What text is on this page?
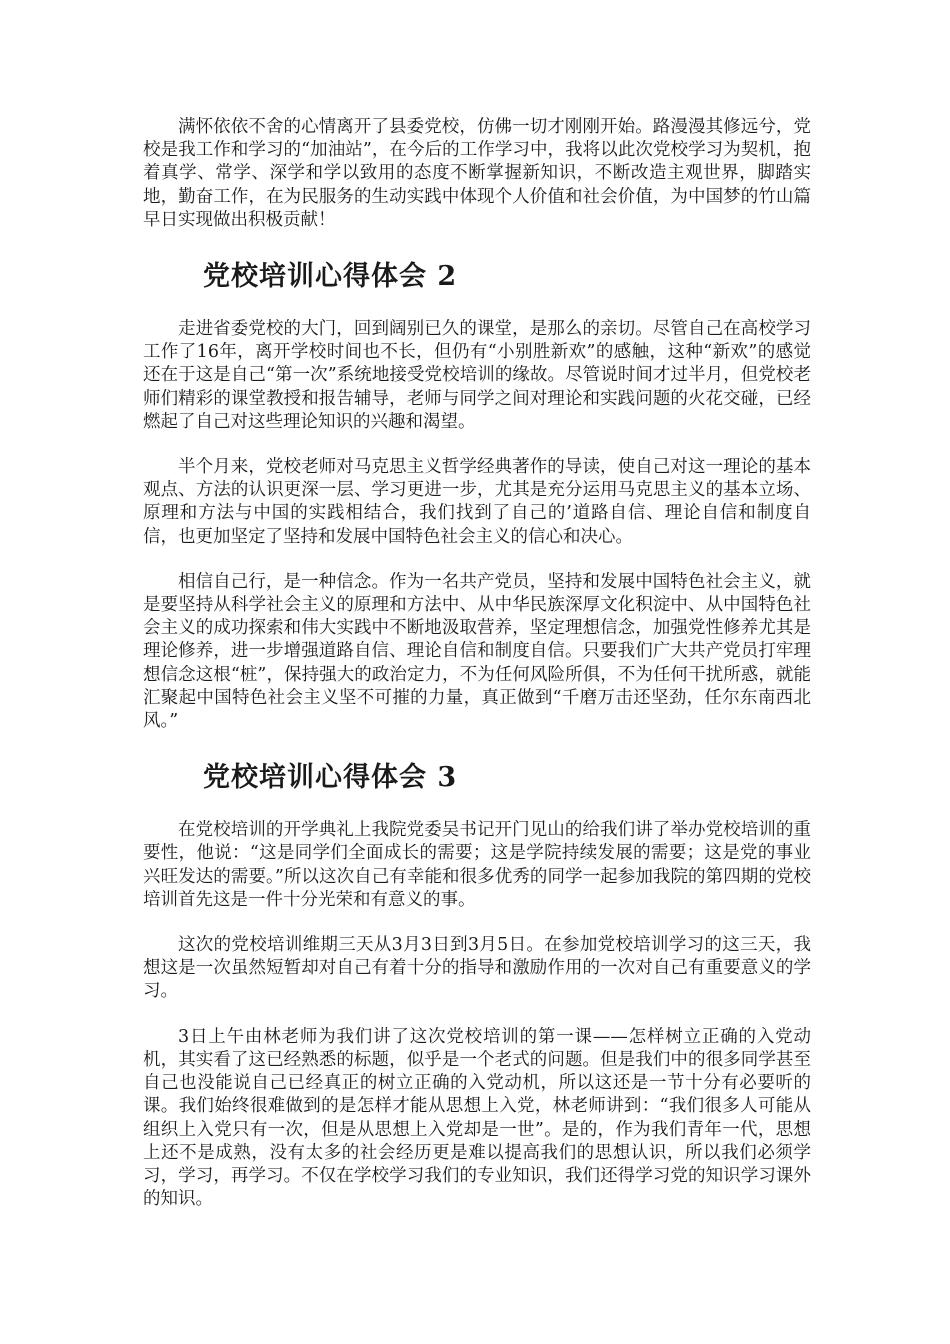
满怀依依不舍的心情离开了县委党校，仿佛一切才刚刚开始。路漫漫其修远兮，党校是我工作和学习的“加油站”，在今后的工作学习中，我将以此次党校学习为契机，抱着真学、常学、深学和学以致用的态度不断掌握新知识，不断改造主观世界，脚踏实地，勤奋工作，在为民服务的生动实践中体现个人价值和社会价值，为中国梦的竹山篇早日实现做出积极贡献！

党校培训心得体会 2

走进省委党校的大门，回到阔别已久的课堂，是那么的亲切。尽管自己在高校学习工作了16年，离开学校时间也不长，但仍有“小别胜新欢”的感触，这种“新欢”的感觉还在于这是自己“第一次”系统地接受党校培训的缘故。尽管说时间才过半月，但党校老师们精彩的课堂教授和报告辅导，老师与同学之间对理论和实践问题的火花交碰，已经燃起了自己对这些理论知识的兴趣和渴望。

半个月来，党校老师对马克思主义哲学经典著作的导读，使自己对这一理论的基本观点、方法的认识更深一层、学习更进一步，尤其是充分运用马克思主义的基本立场、原理和方法与中国的实践相结合，我们找到了自己的’道路自信、理论自信和制度自信，也更加坚定了坚持和发展中国特色社会主义的信心和决心。

相信自己行，是一种信念。作为一名共产党员，坚持和发展中国特色社会主义，就是要坚持从科学社会主义的原理和方法中、从中华民族深厚文化积淀中、从中国特色社会主义的成功探索和伟大实践中不断地汲取营养，坚定理想信念，加强党性修养尤其是理论修养，进一步增强道路自信、理论自信和制度自信。只要我们广大共产党员打牢理想信念这根“桩”，保持强大的政治定力，不为任何风险所俱，不为任何干扰所惑，就能汇聚起中国特色社会主义坚不可摧的力量，真正做到“千磨万击还坚劲，任尔东南西北风。”

党校培训心得体会 3

在党校培训的开学典礼上我院党委吴书记开门见山的给我们讲了举办党校培训的重要性，他说：“这是同学们全面成长的需要；这是学院持续发展的需要；这是党的事业兴旺发达的需要。”所以这次自己有幸能和很多优秀的同学一起参加我院的第四期的党校培训首先这是一件十分光荣和有意义的事。

这次的党校培训维期三天从3月3日到3月5日。在参加党校培训学习的这三天，我想这是一次虽然短暂却对自己有着十分的指导和激励作用的一次对自己有重要意义的学习。

3日上午由林老师为我们讲了这次党校培训的第一课——怎样树立正确的入党动机，其实看了这已经熟悉的标题，似乎是一个老式的问题。但是我们中的很多同学甚至自己也没能说自己已经真正的树立正确的入党动机，所以这还是一节十分有必要听的课。我们始终很难做到的是怎样才能从思想上入党，林老师讲到：“我们很多人可能从组织上入党只有一次，但是从思想上入党却是一世”。是的，作为我们青年一代，思想上还不是成熟，没有太多的社会经历更是难以提高我们的思想认识，所以我们必须学习，学习，再学习。不仅在学校学习我们的专业知识，我们还得学习党的知识学习课外的知识。
